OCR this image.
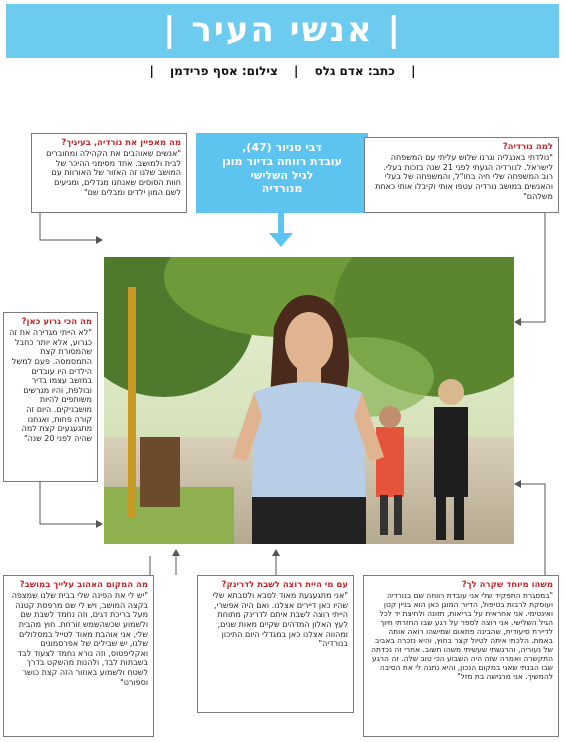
| אנשי העיר |
| כתב: אדם גלס | צילום: אסף פרידמן |
דבי סניור (47),
עובדת רווחה בדיור מוגן
לגיל השלישי
מנורדיה
למה נורדיה?
"נולדתי באנגליה וגרנו שלוש עליתי עם המשפחה לישראל. לנורדיה הגעתי לפני 21 שנה בזכות בעלי. רוב המשפחה שלי חיה בחו"ל, והמשפחה של בעלי והאנשים במושב נורדיה עטפו אותי וקיבלו אותי כאחת משלהם"
מה מאפיין את נורדיה, בעיניך?
"אנשים שאוהבים את הקהילה ומחוברים לבית ולמושב. אחד מסימני ההיכר של המושב שלנו זה האזור של האורוות עם חוות הסוסים שאנחנו מגדלים, ומגיעים לשם המון ילדים ומבלים שם"
מה הכי גרוע כאן?
"לא הייתי מגדירה את זה כגרוע, אלא יותר כחבל שהמסורת קצת התמסמסה. פעם למשל הילדים היו עובדים במושב עצמו בדיר ובולפת, והיו מגרשים משותפים להיות מושבניקים. היום זה קורה פחות, ואנחנו מתגעגעים קצת למה שהיה לפני 20 שנה"
משהו מיוחד שקרה לך?
"במסגרת התפקיד שלי אני עובדת רווחה שם בנורדיה ועוסקת לרבות בטיפול, הדיור המוגן כאן הוא בניין קטן ואינטימי. אני אחראית על בריאות, תזונה ולחיצת יד לכל הגיל השלישי. אני רוצה לספר על רגע שבו החזרתי חיוך לדיירת סיעודית, שהבינה פתאום שמישהו רואה אותה באמת. הלכתי איתה לטיול קצר בחוץ, והיא נזכרה באביב של נעוריה, והרגשתי שעשיתי משהו חשוב. אחרי זה נכדתה התקשרה ואמרה שזה היה השבוע הכי טוב שלה. זה הרגע שבו הבנתי שאני במקום הנכון, והיא נתנה לי את הסיבה להמשיך. אני מרגישה בת מזל"
עם מי היית רוצה לשבת לדרינק?
"אני מתגעגעת מאוד לסבא ולסבתא שלי שהיו כאן דיירים אצלנו. ואם היה אפשרי, הייתי רוצה לשבת איתם לדרינק מתוחת לעץ האלון המדהים שקיים מאות שנים, ומהווה אצלנו כאן במגדלי היום התיכון בנורדיה"
מה המקום האהוב עלייך במושב?
"יש לי את הפינה שלי בבית שלנו שמצפה בקצה המושב, ויש לי שם מרפסת קטנה מעל בריכת דגים, וזה נחמד לשבת שם ולשמוע שכשהשמש זורחת. חוץ מהבית שלי, אני אוהבת מאוד לטייל במסלולים שלנו, יש שבילים של אפרסמונים ואקליפטוס, וזה נורא נחמד לצעוד לבד בשבתות לבד, ולהנות מהשקט בדרך לשטח ולשמוע באוזור הזה קצת כושר וספורט"
